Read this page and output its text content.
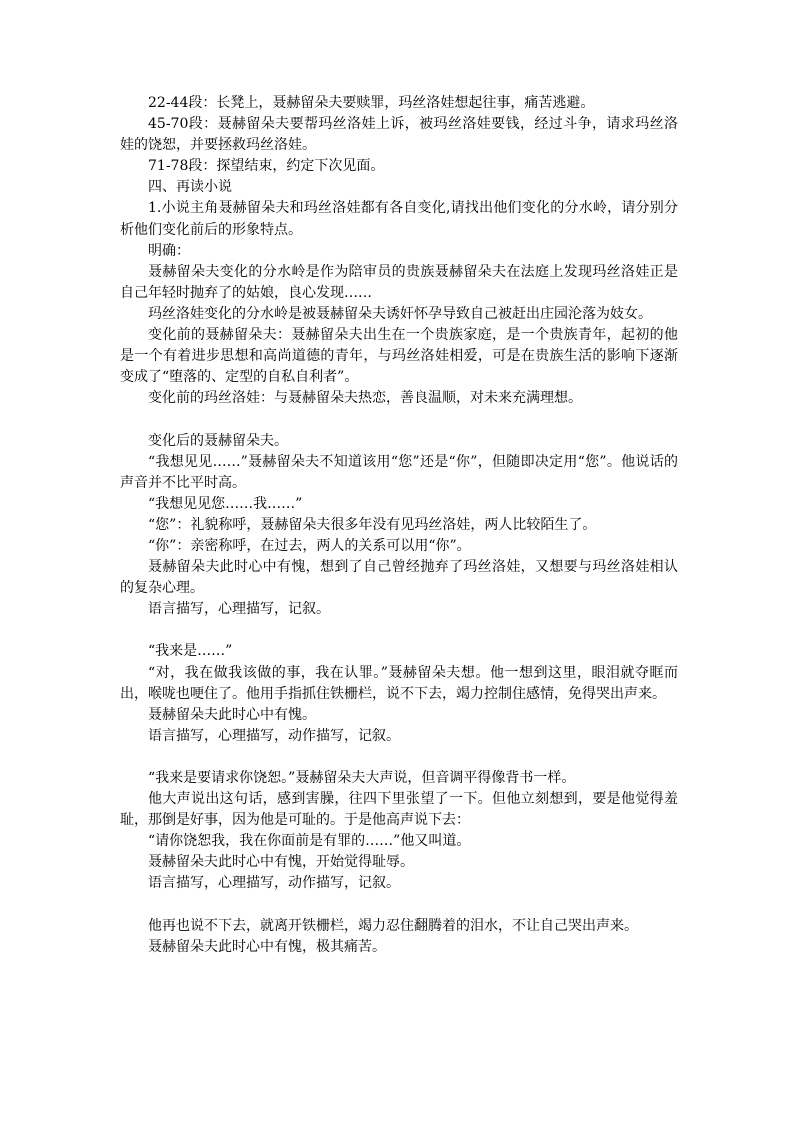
22-44段：长凳上，聂赫留朵夫要赎罪，玛丝洛娃想起往事，痛苦逃避。

45-70段：聂赫留朵夫要帮玛丝洛娃上诉，被玛丝洛娃要钱，经过斗争，请求玛丝洛娃的饶恕，并要拯救玛丝洛娃。

71-78段：探望结束，约定下次见面。

四、再读小说

1.小说主角聂赫留朵夫和玛丝洛娃都有各自变化,请找出他们变化的分水岭，请分别分析他们变化前后的形象特点。

明确：

聂赫留朵夫变化的分水岭是作为陪审员的贵族聂赫留朵夫在法庭上发现玛丝洛娃正是自己年轻时抛弃了的姑娘，良心发现……

玛丝洛娃变化的分水岭是被聂赫留朵夫诱奸怀孕导致自己被赶出庄园沦落为妓女。

变化前的聂赫留朵夫：聂赫留朵夫出生在一个贵族家庭，是一个贵族青年，起初的他是一个有着进步思想和高尚道德的青年，与玛丝洛娃相爱，可是在贵族生活的影响下逐渐变成了“堕落的、定型的自私自利者”。

变化前的玛丝洛娃：与聂赫留朵夫热恋，善良温顺，对未来充满理想。

变化后的聂赫留朵夫。

“我想见见……”聂赫留朵夫不知道该用“您”还是“你”，但随即决定用“您”。他说话的声音并不比平时高。

“我想见见您……我……”

“您”：礼貌称呼，聂赫留朵夫很多年没有见玛丝洛娃，两人比较陌生了。

“你”：亲密称呼，在过去，两人的关系可以用“你”。

聂赫留朵夫此时心中有愧，想到了自己曾经抛弃了玛丝洛娃，又想要与玛丝洛娃相认的复杂心理。

语言描写，心理描写，记叙。

“我来是……”

“对，我在做我该做的事，我在认罪。”聂赫留朵夫想。他一想到这里，眼泪就夺眶而出，喉咙也哽住了。他用手指抓住铁栅栏，说不下去，竭力控制住感情，免得哭出声来。

聂赫留朵夫此时心中有愧。

语言描写，心理描写，动作描写，记叙。

“我来是要请求你饶恕。”聂赫留朵夫大声说，但音调平得像背书一样。

他大声说出这句话，感到害臊，往四下里张望了一下。但他立刻想到，要是他觉得羞耻，那倒是好事，因为他是可耻的。于是他高声说下去：

“请你饶恕我，我在你面前是有罪的……”他又叫道。

聂赫留朵夫此时心中有愧，开始觉得耻辱。

语言描写，心理描写，动作描写，记叙。

他再也说不下去，就离开铁栅栏，竭力忍住翻腾着的泪水，不让自己哭出声来。

聂赫留朵夫此时心中有愧，极其痛苦。
